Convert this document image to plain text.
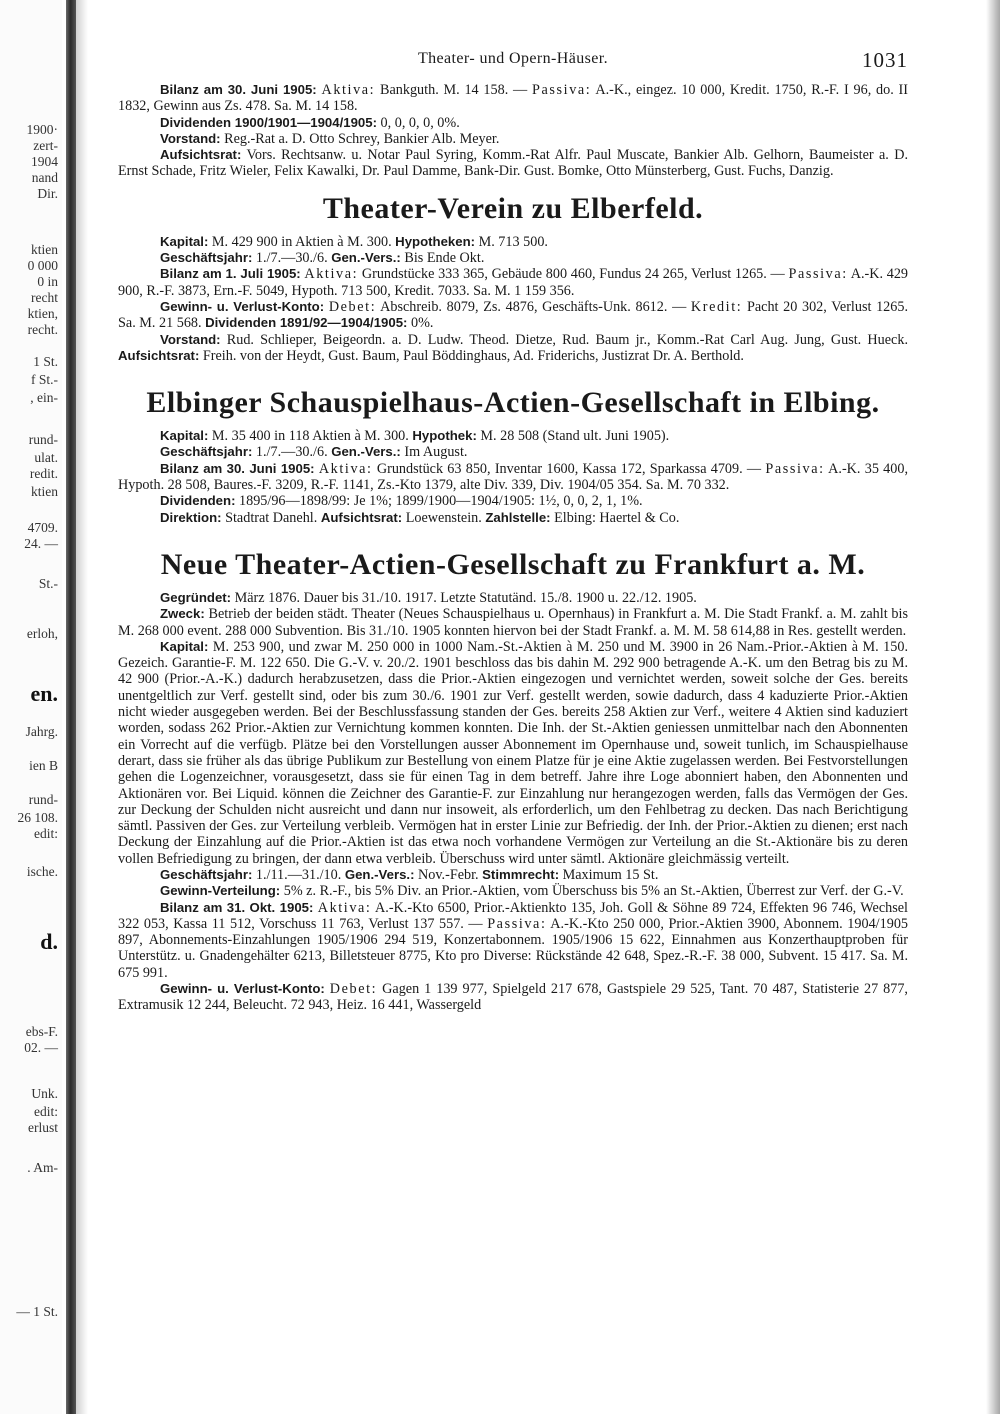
1900·
zert-
1904
nand
Dir.
ktien
0 000
0 in
recht
ktien,
recht.
1 St.
f St.-
, ein-
rund-
ulat.
redit.
ktien
4709.
24. —
St.-
erloh,
en.
Jahrg.
ien B
rund-
26 108.
edit:
ische.
d.
ebs-F.
02. —
Unk.
edit:
erlust
. Am-
— 1 St.
Theater- und Opern-Häuser.	1031

Bilanz am 30. Juni 1905: Aktiva: Bankguth. M. 14 158. — Passiva: A.-K., eingez. 10 000, Kredit. 1750, R.-F. I 96, do. II 1832, Gewinn aus Zs. 478. Sa. M. 14 158.

Dividenden 1900/1901—1904/1905: 0, 0, 0, 0, 0%.

Vorstand: Reg.-Rat a. D. Otto Schrey, Bankier Alb. Meyer.

Aufsichtsrat: Vors. Rechtsanw. u. Notar Paul Syring, Komm.-Rat Alfr. Paul Muscate, Bankier Alb. Gelhorn, Baumeister a. D. Ernst Schade, Fritz Wieler, Felix Kawalki, Dr. Paul Damme, Bank-Dir. Gust. Bomke, Otto Münsterberg, Gust. Fuchs, Danzig.

Theater-Verein zu Elberfeld.

Kapital: M. 429 900 in Aktien à M. 300. Hypotheken: M. 713 500.

Geschäftsjahr: 1./7.—30./6. Gen.-Vers.: Bis Ende Okt.

Bilanz am 1. Juli 1905: Aktiva: Grundstücke 333 365, Gebäude 800 460, Fundus 24 265, Verlust 1265. — Passiva: A.-K. 429 900, R.-F. 3873, Ern.-F. 5049, Hypoth. 713 500, Kredit. 7033. Sa. M. 1 159 356.

Gewinn- u. Verlust-Konto: Debet: Abschreib. 8079, Zs. 4876, Geschäfts-Unk. 8612. — Kredit: Pacht 20 302, Verlust 1265. Sa. M. 21 568. Dividenden 1891/92—1904/1905: 0%.

Vorstand: Rud. Schlieper, Beigeordn. a. D. Ludw. Theod. Dietze, Rud. Baum jr., Komm.-Rat Carl Aug. Jung, Gust. Hueck. Aufsichtsrat: Freih. von der Heydt, Gust. Baum, Paul Böddinghaus, Ad. Friderichs, Justizrat Dr. A. Berthold.

Elbinger Schauspielhaus-Actien-Gesellschaft in Elbing.

Kapital: M. 35 400 in 118 Aktien à M. 300. Hypothek: M. 28 508 (Stand ult. Juni 1905).

Geschäftsjahr: 1./7.—30./6. Gen.-Vers.: Im August.

Bilanz am 30. Juni 1905: Aktiva: Grundstück 63 850, Inventar 1600, Kassa 172, Sparkassa 4709. — Passiva: A.-K. 35 400, Hypoth. 28 508, Baures.-F. 3209, R.-F. 1141, Zs.-Kto 1379, alte Div. 339, Div. 1904/05 354. Sa. M. 70 332.

Dividenden: 1895/96—1898/99: Je 1%; 1899/1900—1904/1905: 1½, 0, 0, 2, 1, 1%.

Direktion: Stadtrat Danehl. Aufsichtsrat: Loewenstein. Zahlstelle: Elbing: Haertel & Co.

Neue Theater-Actien-Gesellschaft zu Frankfurt a. M.

Gegründet: März 1876. Dauer bis 31./10. 1917. Letzte Statutänd. 15./8. 1900 u. 22./12. 1905.

Zweck: Betrieb der beiden städt. Theater (Neues Schauspielhaus u. Opernhaus) in Frankfurt a. M. Die Stadt Frankf. a. M. zahlt bis M. 268 000 event. 288 000 Subvention. Bis 31./10. 1905 konnten hiervon bei der Stadt Frankf. a. M. M. 58 614,88 in Res. gestellt werden.

Kapital: M. 253 900, und zwar M. 250 000 in 1000 Nam.-St.-Aktien à M. 250 und M. 3900 in 26 Nam.-Prior.-Aktien à M. 150. Gezeich. Garantie-F. M. 122 650. Die G.-V. v. 20./2. 1901 beschloss das bis dahin M. 292 900 betragende A.-K. um den Betrag bis zu M. 42 900 (Prior.-A.-K.) dadurch herabzusetzen, dass die Prior.-Aktien eingezogen und vernichtet werden, soweit solche der Ges. bereits unentgeltlich zur Verf. gestellt sind, oder bis zum 30./6. 1901 zur Verf. gestellt werden, sowie dadurch, dass 4 kaduzierte Prior.-Aktien nicht wieder ausgegeben werden. Bei der Beschlussfassung standen der Ges. bereits 258 Aktien zur Verf., weitere 4 Aktien sind kaduziert worden, sodass 262 Prior.-Aktien zur Vernichtung kommen konnten. Die Inh. der St.-Aktien geniessen unmittelbar nach den Abonnenten ein Vorrecht auf die verfügb. Plätze bei den Vorstellungen ausser Abonnement im Opernhause und, soweit tunlich, im Schauspielhause derart, dass sie früher als das übrige Publikum zur Bestellung von einem Platze für je eine Aktie zugelassen werden. Bei Festvorstellungen gehen die Logenzeichner, vorausgesetzt, dass sie für einen Tag in dem betreff. Jahre ihre Loge abonniert haben, den Abonnenten und Aktionären vor. Bei Liquid. können die Zeichner des Garantie-F. zur Einzahlung nur herangezogen werden, falls das Vermögen der Ges. zur Deckung der Schulden nicht ausreicht und dann nur insoweit, als erforderlich, um den Fehlbetrag zu decken. Das nach Berichtigung sämtl. Passiven der Ges. zur Verteilung verbleib. Vermögen hat in erster Linie zur Befriedig. der Inh. der Prior.-Aktien zu dienen; erst nach Deckung der Einzahlung auf die Prior.-Aktien ist das etwa noch vorhandene Vermögen zur Verteilung an die St.-Aktionäre bis zu deren vollen Befriedigung zu bringen, der dann etwa verbleib. Überschuss wird unter sämtl. Aktionäre gleichmässig verteilt.

Geschäftsjahr: 1./11.—31./10. Gen.-Vers.: Nov.-Febr. Stimmrecht: Maximum 15 St.

Gewinn-Verteilung: 5% z. R.-F., bis 5% Div. an Prior.-Aktien, vom Überschuss bis 5% an St.-Aktien, Überrest zur Verf. der G.-V.

Bilanz am 31. Okt. 1905: Aktiva: A.-K.-Kto 6500, Prior.-Aktienkto 135, Joh. Goll & Söhne 89 724, Effekten 96 746, Wechsel 322 053, Kassa 11 512, Vorschuss 11 763, Verlust 137 557. — Passiva: A.-K.-Kto 250 000, Prior.-Aktien 3900, Abonnem. 1904/1905 897, Abonnements-Einzahlungen 1905/1906 294 519, Konzertabonnem. 1905/1906 15 622, Einnahmen aus Konzerthauptproben für Unterstütz. u. Gnadengehälter 6213, Billetsteuer 8775, Kto pro Diverse: Rückstände 42 648, Spez.-R.-F. 38 000, Subvent. 15 417. Sa. M. 675 991.

Gewinn- u. Verlust-Konto: Debet: Gagen 1 139 977, Spielgeld 217 678, Gastspiele 29 525, Tant. 70 487, Statisterie 27 877, Extramusik 12 244, Beleucht. 72 943, Heiz. 16 441, Wassergeld
